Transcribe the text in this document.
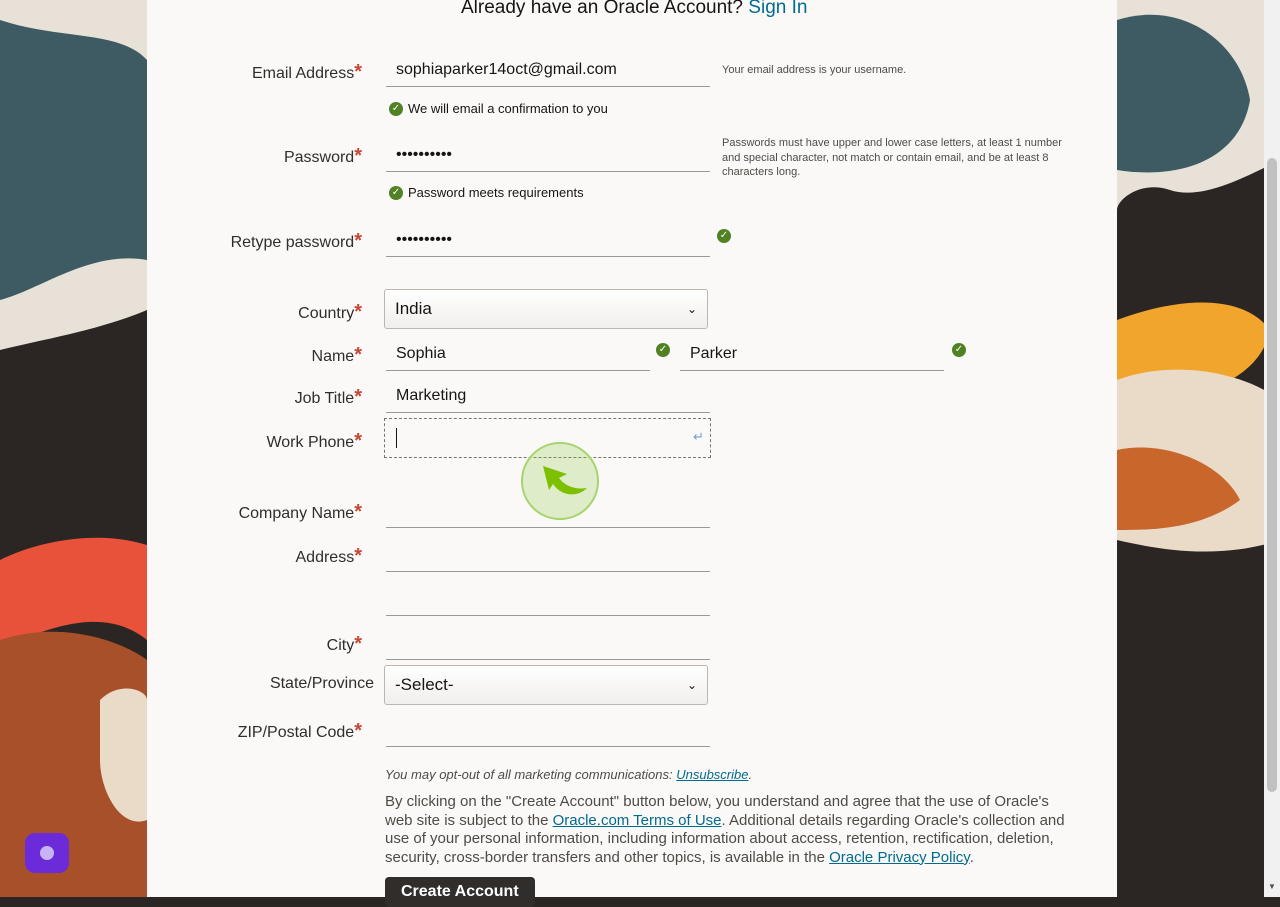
Already have an Oracle Account? Sign In
Email Address*
sophiaparker14oct@gmail.com	Your email address is your username.
✓ We will email a confirmation to you
Password*
••••••••••
Passwords must have upper and lower case letters, at least 1 number and special character, not match or contain email, and be at least 8 characters long.
✓ Password meets requirements
Retype password*
••••••••••	✓
Country* India	⌄
Name*
Sophia	✓
Parker	✓
Job Title*
Marketing
Work Phone*	↵
Company Name*
Address*
City*
State/Province -Select-	⌄
ZIP/Postal Code*
You may opt-out of all marketing communications: Unsubscribe.
By clicking on the "Create Account" button below, you understand and agree that the use of Oracle's web site is subject to the Oracle.com Terms of Use. Additional details regarding Oracle's collection and use of your personal information, including information about access, retention, rectification, deletion, security, cross-border transfers and other topics, is available in the Oracle Privacy Policy.
Create Account	▼
